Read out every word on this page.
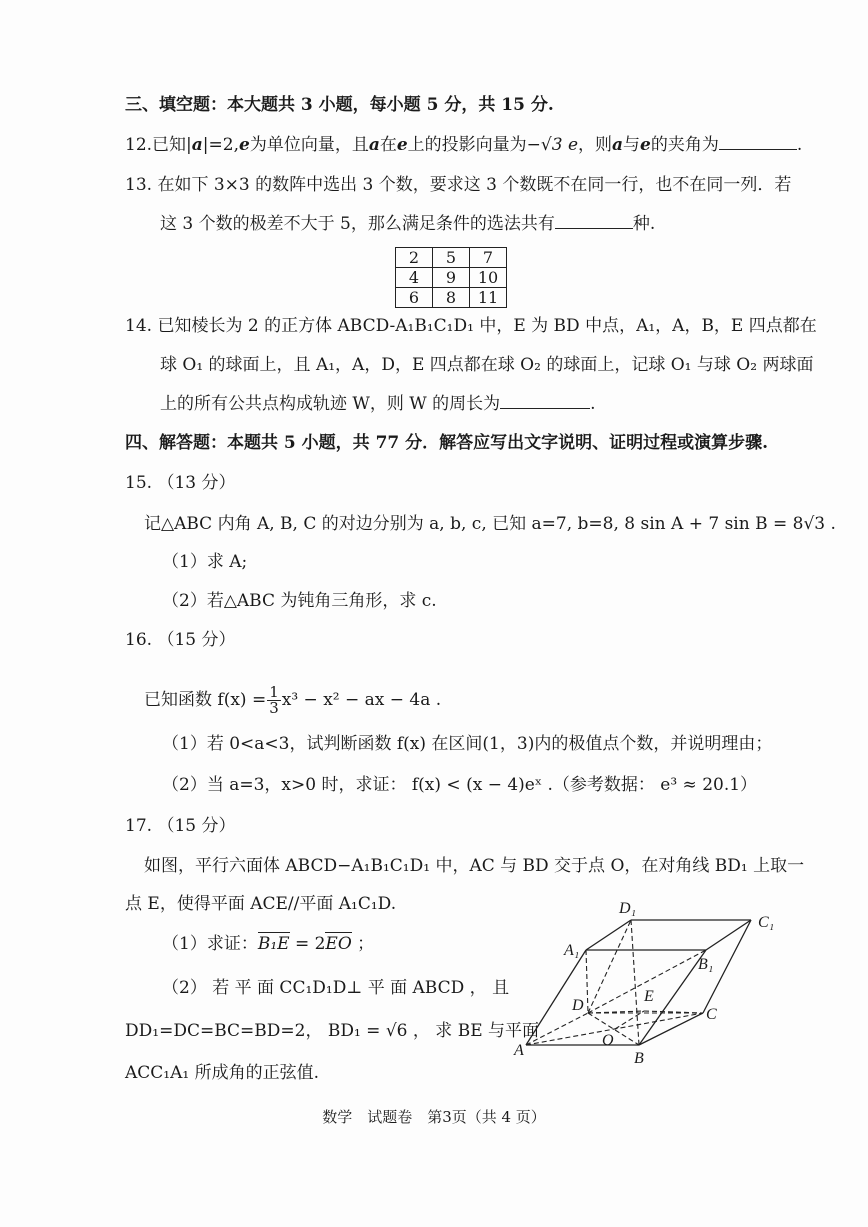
三、填空题：本大题共 3 小题，每小题 5 分，共 15 分.
12.已知|a|=2,e为单位向量，且a在e上的投影向量为−√3 e，则a与e的夹角为	.
13. 在如下 3×3 的数阵中选出 3 个数，要求这 3 个数既不在同一行，也不在同一列．若
这 3 个数的极差不大于 5，那么满足条件的选法共有	种.
2	5	7
4	9	10
6	8	11
14. 已知棱长为 2 的正方体 ABCD-A₁B₁C₁D₁ 中，E 为 BD 中点，A₁，A，B，E 四点都在
球 O₁ 的球面上，且 A₁，A，D，E 四点都在球 O₂ 的球面上，记球 O₁ 与球 O₂ 两球面
上的所有公共点构成轨迹 W，则 W 的周长为	.
四、解答题：本题共 5 小题，共 77 分．解答应写出文字说明、证明过程或演算步骤.
15. （13 分）
记△ABC 内角 A, B, C 的对边分别为 a, b, c, 已知 a=7, b=8, 8 sin A + 7 sin B = 8√3 .
（1）求 A;
（2）若△ABC 为钝角三角形，求 c.
16. （15 分）
已知函数 $f(x) = \frac{1}{3} x^3 - x^2$ − ax − 4a .
（1）若 0<a<3，试判断函数 f(x) 在区间(1，3)内的极值点个数，并说明理由；
（2）当 a=3，x>0 时，求证： f(x) < (x − 4)eˣ .（参考数据： e³ ≈ 20.1）
17. （15 分）
如图，平行六面体 ABCD−A₁B₁C₁D₁ 中，AC 与 BD 交于点 O，在对角线 BD₁ 上取一
点 E，使得平面 ACE//平面 A₁C₁D.
（1）求证：B₁E = 2EO ；
（2） 若 平 面 CC₁D₁D⊥ 平 面 ABCD ， 且
DD₁=DC=BC=BD=2， BD₁ = √6 ， 求 BE 与平面
ACC₁A₁ 所成角的正弦值.
D₁
C₁
A₁
B₁
D
E
C
A
O
B
数学　试题卷　第3页（共 4 页）
